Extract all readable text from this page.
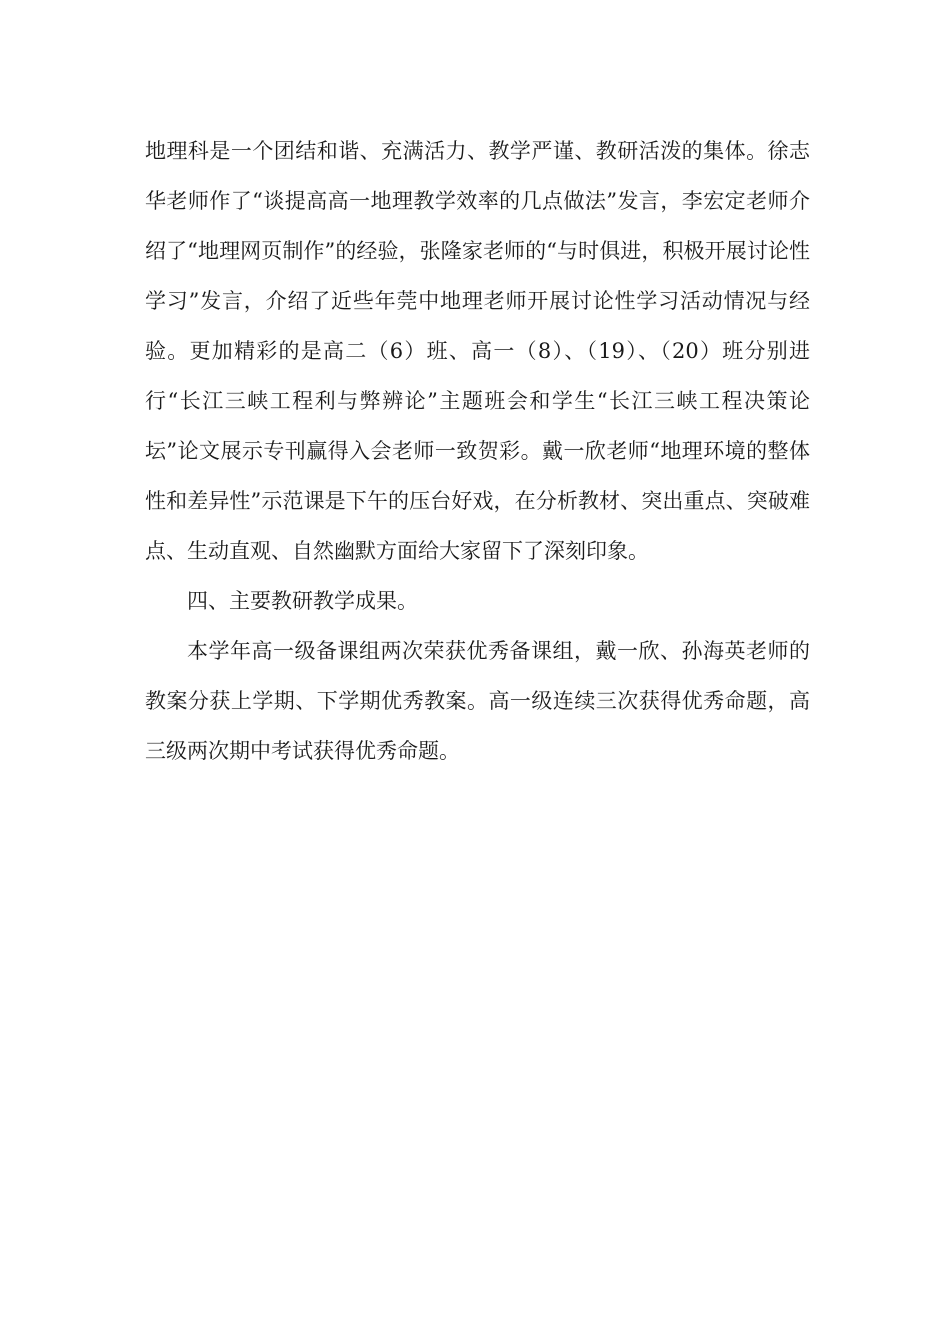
地理科是一个团结和谐、充满活力、教学严谨、教研活泼的集体。徐志华老师作了“谈提高高一地理教学效率的几点做法”发言，李宏定老师介绍了“地理网页制作”的经验，张隆家老师的“与时俱进，积极开展讨论性学习”发言，介绍了近些年莞中地理老师开展讨论性学习活动情况与经验。更加精彩的是高二（6）班、高一（8）、（19）、（20）班分别进行“长江三峡工程利与弊辨论”主题班会和学生“长江三峡工程决策论坛”论文展示专刊赢得入会老师一致贺彩。戴一欣老师“地理环境的整体性和差异性”示范课是下午的压台好戏，在分析教材、突出重点、突破难点、生动直观、自然幽默方面给大家留下了深刻印象。

四、主要教研教学成果。

本学年高一级备课组两次荣获优秀备课组，戴一欣、孙海英老师的教案分获上学期、下学期优秀教案。高一级连续三次获得优秀命题，高三级两次期中考试获得优秀命题。
